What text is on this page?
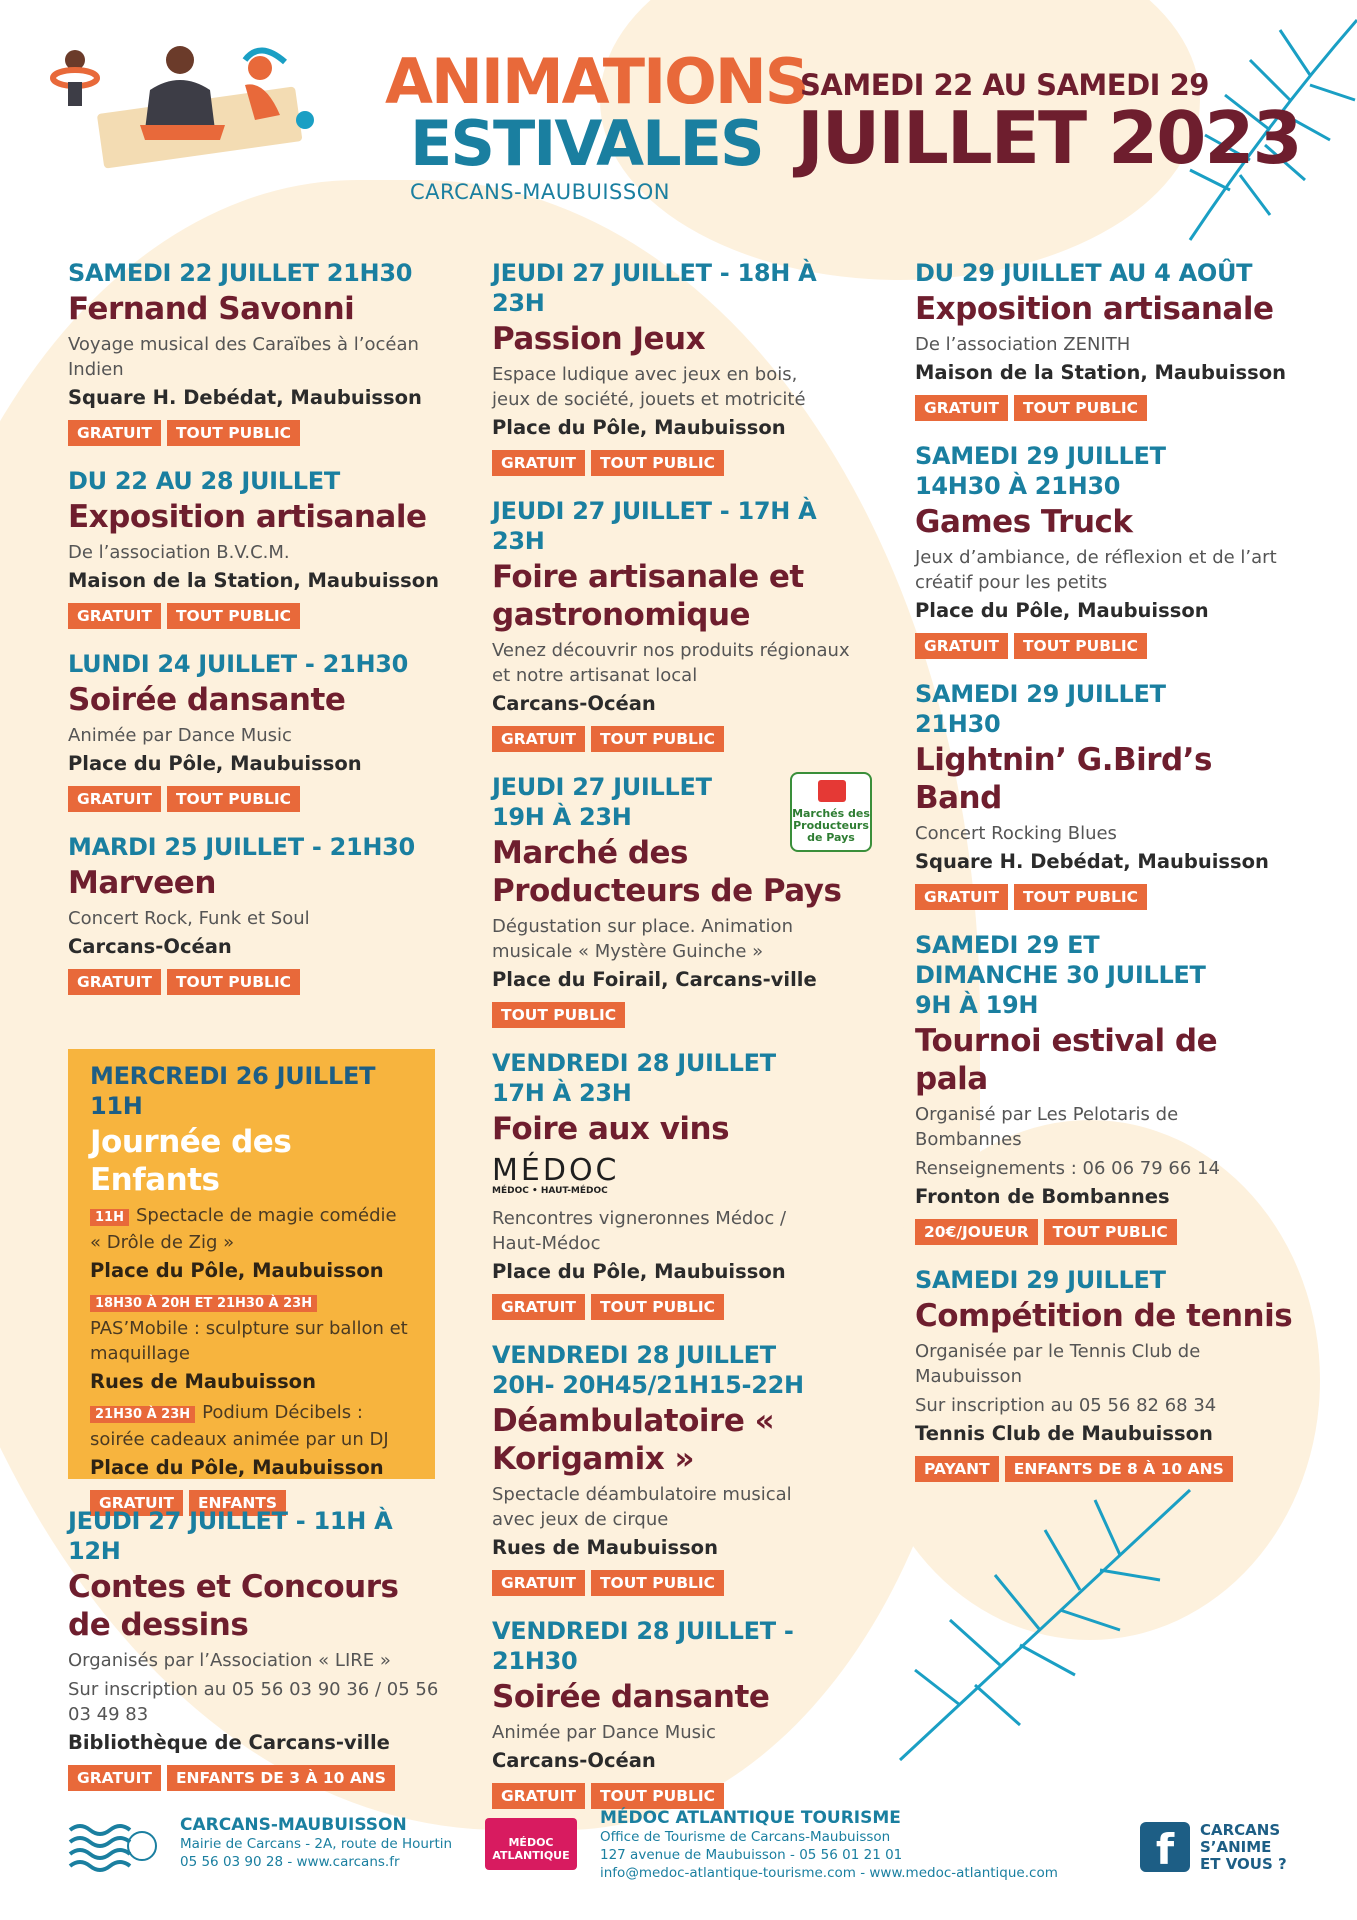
ANIMATIONS
ESTIVALES
CARCANS-MAUBUISSON
SAMEDI 22 AU SAMEDI 29
JUILLET 2023
SAMEDI 22 JUILLET 21H30
Fernand Savonni
Voyage musical des Caraïbes à l’océan
Indien
Square H. Debédat, Maubuisson
GRATUIT	TOUT PUBLIC
DU 22 AU 28 JUILLET
Exposition artisanale
De l’association B.V.C.M.
Maison de la Station, Maubuisson
GRATUIT	TOUT PUBLIC
LUNDI 24 JUILLET - 21H30
Soirée dansante
Animée par Dance Music
Place du Pôle, Maubuisson
GRATUIT	TOUT PUBLIC
MARDI 25 JUILLET - 21H30
Marveen
Concert Rock, Funk et Soul
Carcans-Océan
GRATUIT	TOUT PUBLIC
MERCREDI 26 JUILLET 11H
Journée des Enfants
11H Spectacle de magie comédie « Drôle de Zig »
Place du Pôle, Maubuisson
18H30 À 20H ET 21H30 À 23H
PAS’Mobile : sculpture sur ballon et maquillage
Rues de Maubuisson
21H30 À 23H Podium Décibels : soirée cadeaux animée par un DJ
Place du Pôle, Maubuisson
GRATUIT	ENFANTS
JEUDI 27 JUILLET - 11H À 12H
Contes et Concours de dessins
Organisés par l’Association « LIRE »
Sur inscription au 05 56 03 90 36 / 05 56 03 49 83
Bibliothèque de Carcans-ville
GRATUIT	ENFANTS DE 3 À 10 ANS
JEUDI 27 JUILLET - 18H À 23H
Passion Jeux
Espace ludique avec jeux en bois,
jeux de société, jouets et motricité
Place du Pôle, Maubuisson
GRATUIT	TOUT PUBLIC
JEUDI 27 JUILLET - 17H À 23H
Foire artisanale et gastronomique
Venez découvrir nos produits régionaux
et notre artisanat local
Carcans-Océan
GRATUIT	TOUT PUBLIC
Marchés des Producteurs de Pays
JEUDI 27 JUILLET
19H À 23H
Marché des Producteurs de Pays
Dégustation sur place. Animation
musicale « Mystère Guinche »
Place du Foirail, Carcans-ville
TOUT PUBLIC
VENDREDI 28 JUILLET
17H À 23H
Foire aux vins
MÉDOC
MÉDOC • HAUT-MÉDOC
Rencontres vigneronnes Médoc /
Haut-Médoc
Place du Pôle, Maubuisson
GRATUIT	TOUT PUBLIC
VENDREDI 28 JUILLET
20H- 20H45/21H15-22H
Déambulatoire « Korigamix »
Spectacle déambulatoire musical
avec jeux de cirque
Rues de Maubuisson
GRATUIT	TOUT PUBLIC
VENDREDI 28 JUILLET - 21H30
Soirée dansante
Animée par Dance Music
Carcans-Océan
GRATUIT	TOUT PUBLIC
DU 29 JUILLET AU 4 AOÛT
Exposition artisanale
De l’association ZENITH
Maison de la Station, Maubuisson
GRATUIT	TOUT PUBLIC
SAMEDI 29 JUILLET
14H30 À 21H30
Games Truck
Jeux d’ambiance, de réflexion et de l’art
créatif pour les petits
Place du Pôle, Maubuisson
GRATUIT	TOUT PUBLIC
SAMEDI 29 JUILLET
21H30
Lightnin’ G.Bird’s Band
Concert Rocking Blues
Square H. Debédat, Maubuisson
GRATUIT	TOUT PUBLIC
SAMEDI 29 ET
DIMANCHE 30 JUILLET
9H À 19H
Tournoi estival de pala
Organisé par Les Pelotaris de
Bombannes
Renseignements : 06 06 79 66 14
Fronton de Bombannes
20€/JOUEUR	TOUT PUBLIC
SAMEDI 29 JUILLET
Compétition de tennis
Organisée par le Tennis Club de
Maubuisson
Sur inscription au 05 56 82 68 34
Tennis Club de Maubuisson
PAYANT	ENFANTS DE 8 À 10 ANS
CARCANS-MAUBUISSON
Mairie de Carcans - 2A, route de Hourtin
05 56 03 90 28 - www.carcans.fr
MÉDOC ATLANTIQUE
MÉDOC ATLANTIQUE TOURISME
Office de Tourisme de Carcans-Maubuisson
127 avenue de Maubuisson - 05 56 01 21 01
info@medoc-atlantique-tourisme.com - www.medoc-atlantique.com	f	CARCANS
S’ANIME
ET VOUS ?
